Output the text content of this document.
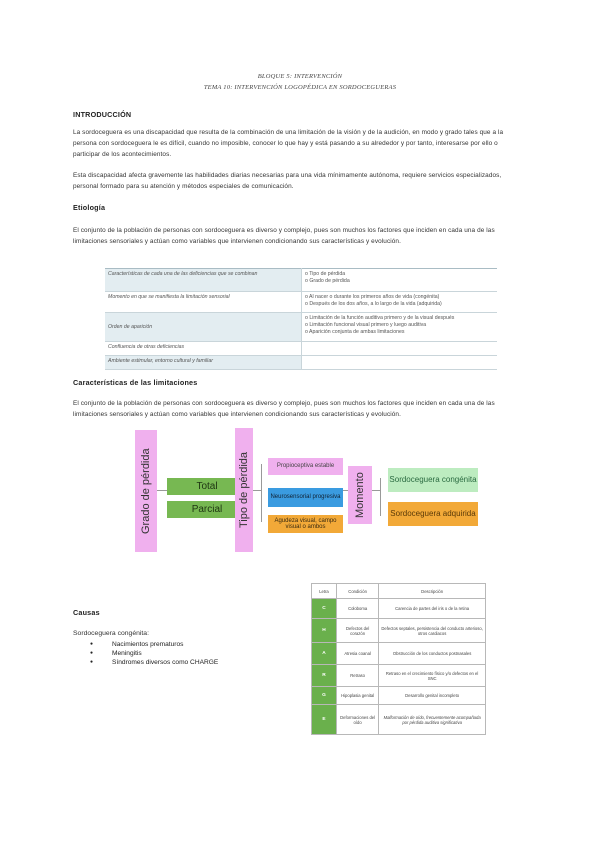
BLOQUE 5: INTERVENCIÓN
TEMA 10: INTERVENCIÓN LOGOPÉDICA EN SORDOCEGUERAS
INTRODUCCIÓN
La sordoceguera es una discapacidad que resulta de la combinación de una limitación de la visión y de la audición, en modo y grado tales que a la persona con sordoceguera le es difícil, cuando no imposible, conocer lo que hay y está pasando a su alrededor y por tanto, interesarse por ello o participar de los acontecimientos.
Esta discapacidad afecta gravemente las habilidades diarias necesarias para una vida mínimamente autónoma, requiere servicios especializados, personal formado para su atención y métodos especiales de comunicación.
Etiología
El conjunto de la población de personas con sordoceguera es diverso y complejo, pues son muchos los factores que inciden en cada una de las limitaciones sensoriales y actúan como variables que intervienen condicionando sus características y evolución.
Características de cada una de las deficiencias que se combinan	o Tipo de pérdida
o Grado de pérdida

Momento en que se manifiesta la limitación sensorial	o Al nacer o durante los primeros años de vida (congénita)
o Después de los dos años, a lo largo de la vida (adquirida)

Orden de aparición	o Limitación de la función auditiva primero y de la visual después
o Limitación funcional visual primero y luego auditiva
o Aparición conjunta de ambas limitaciones

Confluencia de otras deficiencias	
Ambiente estimular, entorno cultural y familiar	
Características de las limitaciones
El conjunto de la población de personas con sordoceguera es diverso y complejo, pues son muchos los factores que inciden en cada una de las limitaciones sensoriales y actúan como variables que intervienen condicionando sus características y evolución.
Grado de pérdida	Total
Parcial	Tipo de pérdida	Propioceptiva estable
Neurosensorial progresiva
Agudeza visual, campo visual o ambos
Momento	Sordoceguera congénita
Sordoceguera adquirida
Causas
Sordoceguera congénita:
● Nacimientos prematuros
● Meningitis
● Síndromes diversos como CHARGE
Letra	Condición	Descripción
C	Coloboma	Carencia de partes del iris o de la retina
H	Defectos del corazón	Defectos septales, persistencia del conducto arterioso, otros cardiacos
A	Atresia coanal	Obstrucción de los conductos postnasales
R	Retraso	Retraso en el crecimiento físico y/o defectos en el SNC
G	Hipoplasia genital	Desarrollo genital incompleto
E	Deformaciones del oído	Malformación de oído, frecuentemente acompañada por pérdida auditiva significativa
